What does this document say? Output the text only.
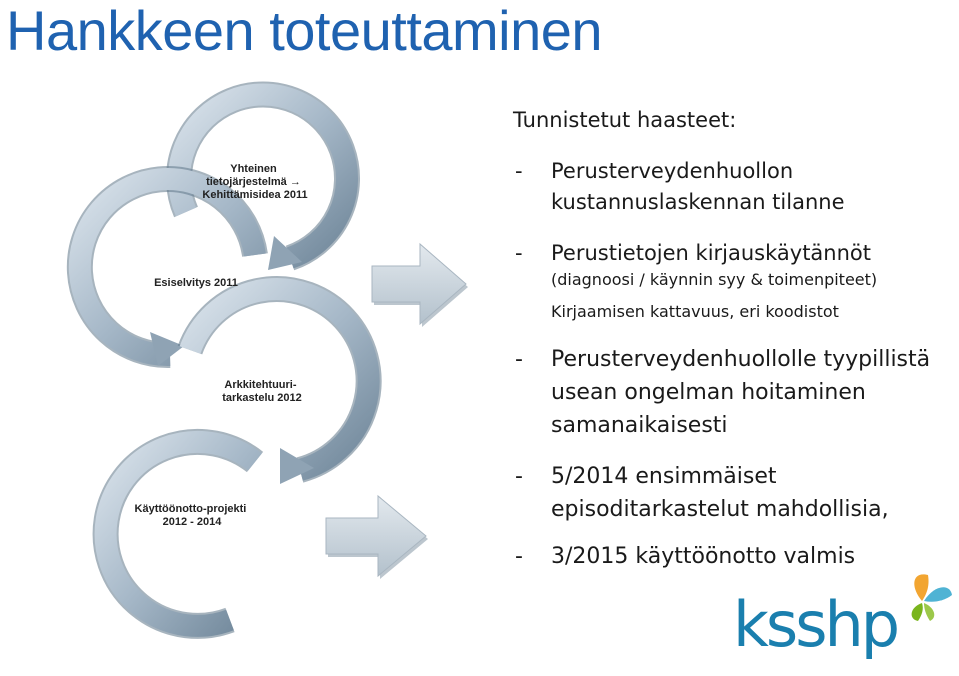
Hankkeen toteuttaminen
Yhteinen tietojärjestelmä → Kehittämisidea 2011
Esiselvitys 2011
Arkkitehtuuri- tarkastelu 2012
Käyttöönotto-projekti 2012 - 2014
Tunnistetut haasteet:
- Perusterveydenhuollon
kustannuslaskennan tilanne
- Perustietojen kirjauskäytännöt
(diagnoosi / käynnin syy & toimenpiteet)
Kirjaamisen kattavuus, eri koodistot
- Perusterveydenhuollolle tyypillistä
usean ongelman hoitaminen
samanaikaisesti
- 5/2014 ensimmäiset
episoditarkastelut mahdollisia,
- 3/2015 käyttöönotto valmis
ksshp
